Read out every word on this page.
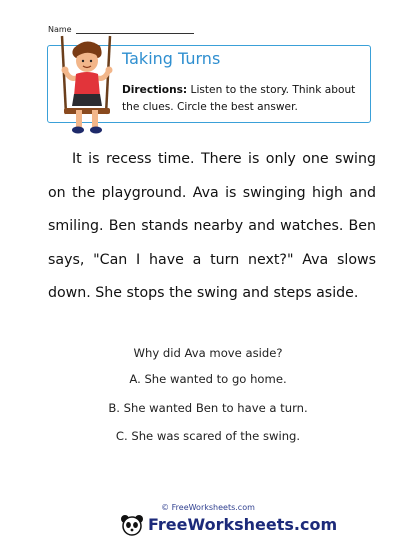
Name
Taking Turns
Directions: Listen to the story. Think about the clues. Circle the best answer.
It is recess time. There is only one swing on the playground. Ava is swinging high and smiling. Ben stands nearby and watches. Ben says, "Can I have a turn next?" Ava slows down. She stops the swing and steps aside.
Why did Ava move aside?
A. She wanted to go home.
B. She wanted Ben to have a turn.
C. She was scared of the swing.
© FreeWorksheets.com
FreeWorksheets.com
